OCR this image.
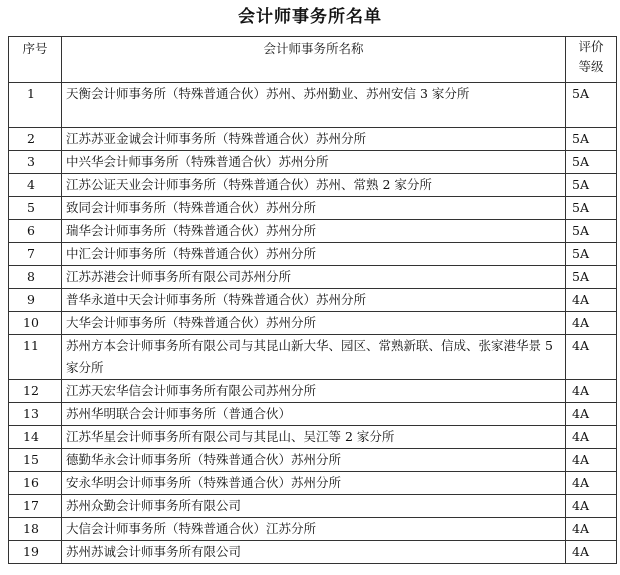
会计师事务所名单
序号	会计师事务所名称	评价
等级
1	天衡会计师事务所（特殊普通合伙）苏州、苏州勤业、苏州安信 3 家分所	5A
2	江苏苏亚金诚会计师事务所（特殊普通合伙）苏州分所	5A
3	中兴华会计师事务所（特殊普通合伙）苏州分所	5A
4	江苏公证天业会计师事务所（特殊普通合伙）苏州、常熟 2 家分所	5A
5	致同会计师事务所（特殊普通合伙）苏州分所	5A
6	瑞华会计师事务所（特殊普通合伙）苏州分所	5A
7	中汇会计师事务所（特殊普通合伙）苏州分所	5A
8	江苏苏港会计师事务所有限公司苏州分所	5A
9	普华永道中天会计师事务所（特殊普通合伙）苏州分所	4A
10	大华会计师事务所（特殊普通合伙）苏州分所	4A
11	苏州方本会计师事务所有限公司与其昆山新大华、园区、常熟新联、信成、张家港华景 5 家分所	4A
12	江苏天宏华信会计师事务所有限公司苏州分所	4A
13	苏州华明联合会计师事务所（普通合伙）	4A
14	江苏华星会计师事务所有限公司与其昆山、吴江等 2 家分所	4A
15	德勤华永会计师事务所（特殊普通合伙）苏州分所	4A
16	安永华明会计师事务所（特殊普通合伙）苏州分所	4A
17	苏州众勤会计师事务所有限公司	4A
18	大信会计师事务所（特殊普通合伙）江苏分所	4A
19	苏州苏诚会计师事务所有限公司	4A
